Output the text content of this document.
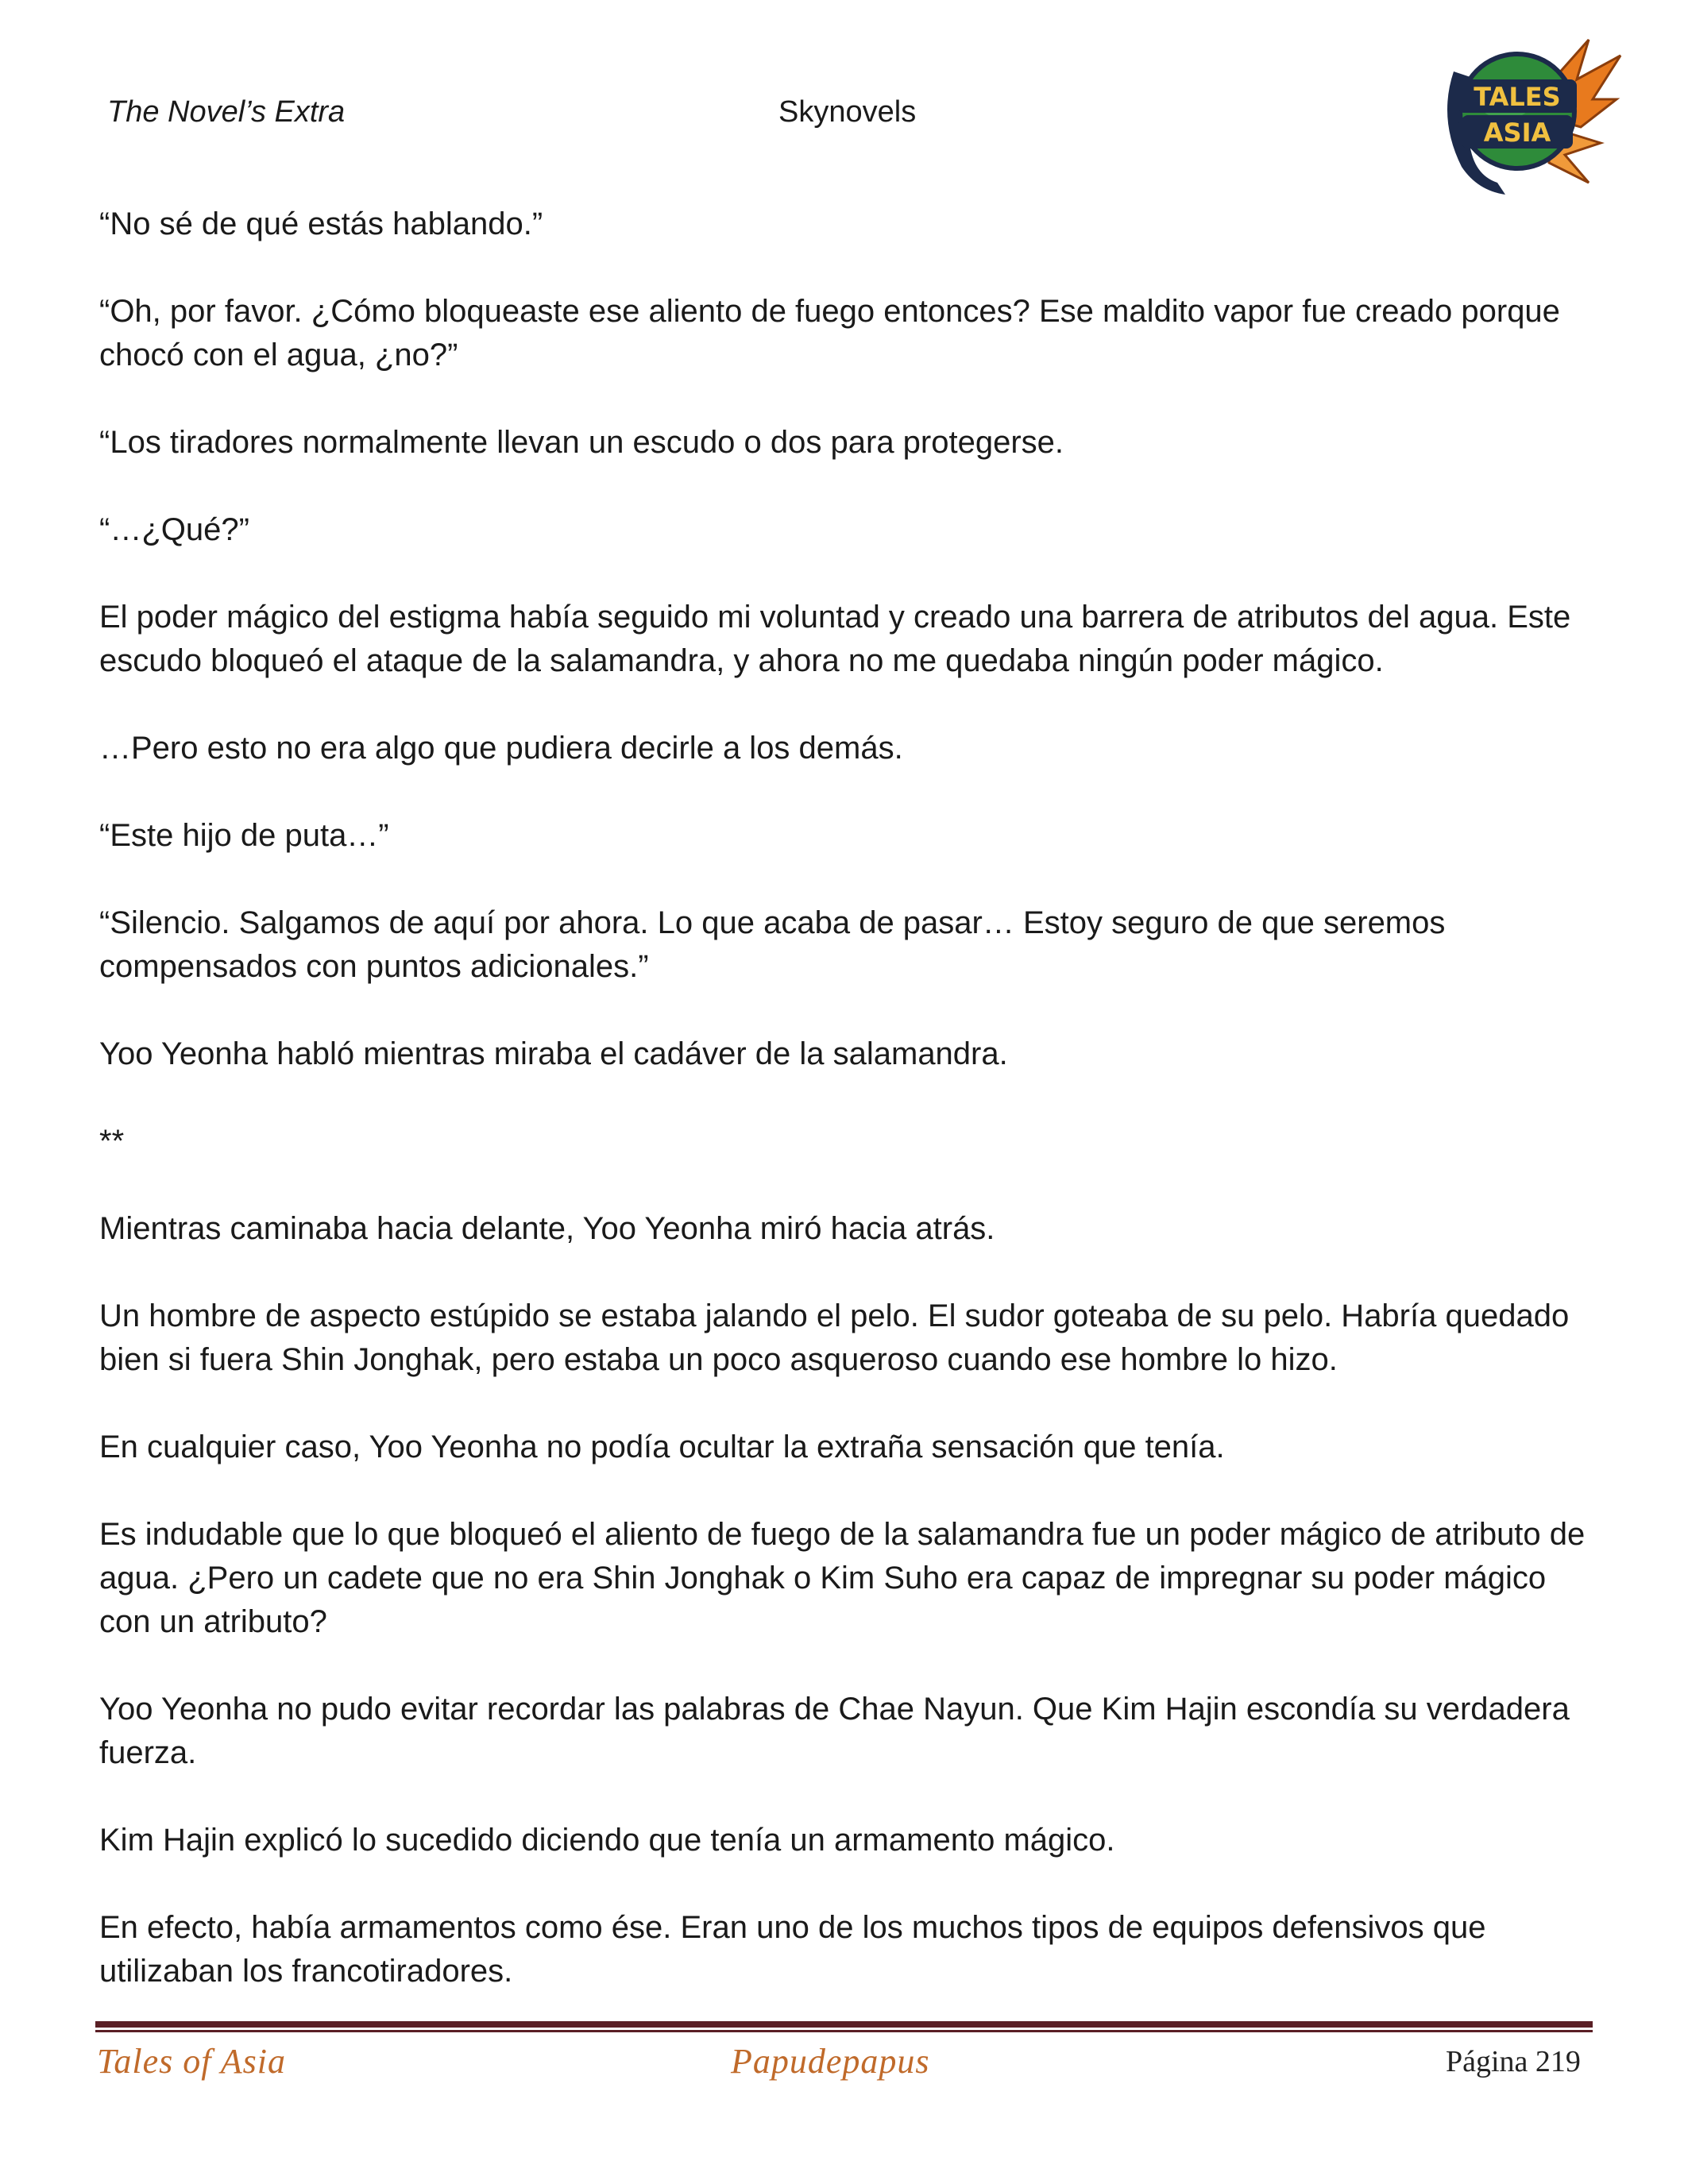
The Novel’s Extra	Skynovels	TALES
ASIA

“No sé de qué estás hablando.”

“Oh, por favor. ¿Cómo bloqueaste ese aliento de fuego entonces? Ese maldito vapor fue creado porque chocó con el agua, ¿no?”

“Los tiradores normalmente llevan un escudo o dos para protegerse.

“…¿Qué?”

El poder mágico del estigma había seguido mi voluntad y creado una barrera de atributos del agua. Este escudo bloqueó el ataque de la salamandra, y ahora no me quedaba ningún poder mágico.

…Pero esto no era algo que pudiera decirle a los demás.

“Este hijo de puta…”

“Silencio. Salgamos de aquí por ahora. Lo que acaba de pasar… Estoy seguro de que seremos compensados con puntos adicionales.”

Yoo Yeonha habló mientras miraba el cadáver de la salamandra.

**

Mientras caminaba hacia delante, Yoo Yeonha miró hacia atrás.

Un hombre de aspecto estúpido se estaba jalando el pelo. El sudor goteaba de su pelo. Habría quedado bien si fuera Shin Jonghak, pero estaba un poco asqueroso cuando ese hombre lo hizo.

En cualquier caso, Yoo Yeonha no podía ocultar la extraña sensación que tenía.

Es indudable que lo que bloqueó el aliento de fuego de la salamandra fue un poder mágico de atributo de agua. ¿Pero un cadete que no era Shin Jonghak o Kim Suho era capaz de impregnar su poder mágico con un atributo?

Yoo Yeonha no pudo evitar recordar las palabras de Chae Nayun. Que Kim Hajin escondía su verdadera fuerza.

Kim Hajin explicó lo sucedido diciendo que tenía un armamento mágico.

En efecto, había armamentos como ése. Eran uno de los muchos tipos de equipos defensivos que utilizaban los francotiradores.

Tales of Asia	Papudepapus	Página 219
